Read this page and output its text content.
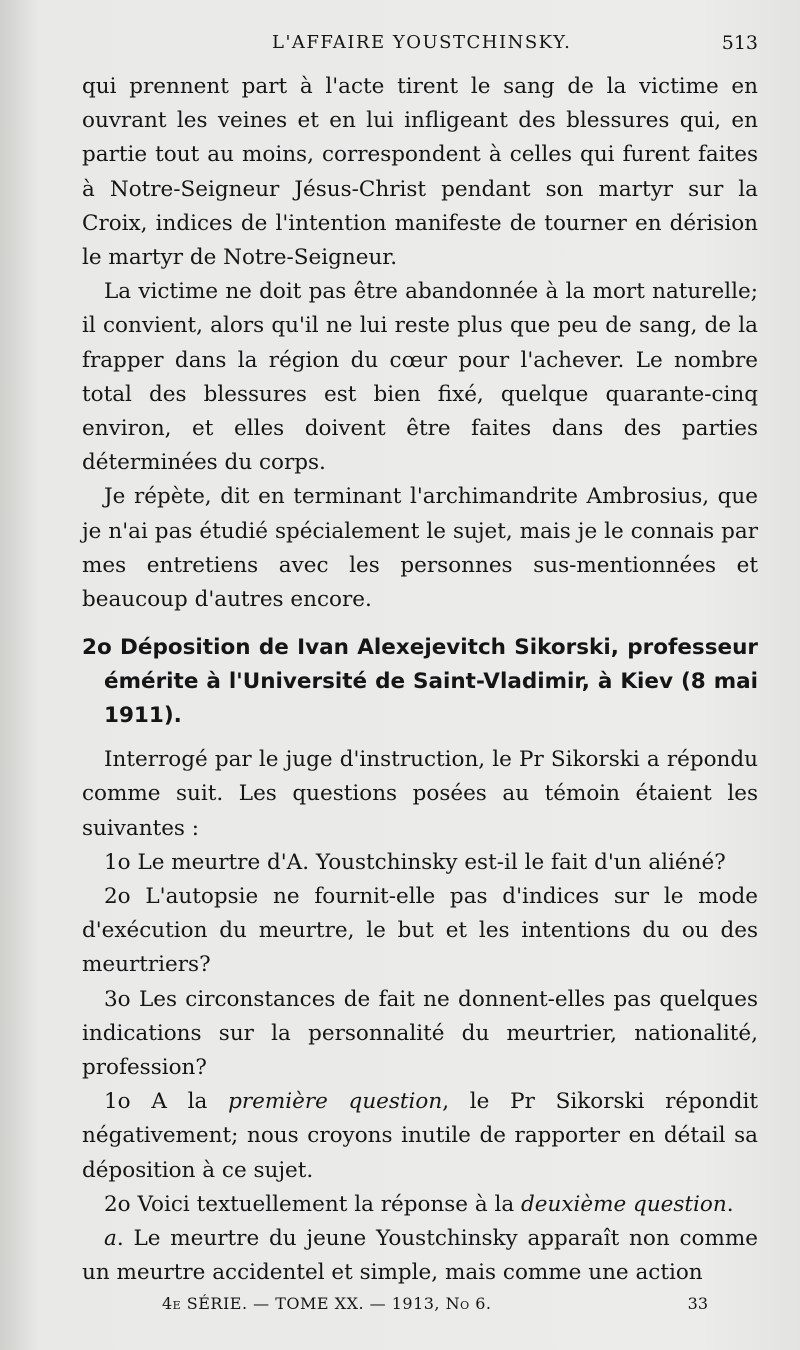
L'AFFAIRE YOUSTCHINSKY.	513

qui prennent part à l'acte tirent le sang de la victime en ouvrant les veines et en lui infligeant des blessures qui, en partie tout au moins, correspondent à celles qui furent faites à Notre-Seigneur Jésus-Christ pendant son martyr sur la Croix, indices de l'intention manifeste de tourner en dérision le martyr de Notre-Seigneur.

La victime ne doit pas être abandonnée à la mort naturelle; il convient, alors qu'il ne lui reste plus que peu de sang, de la frapper dans la région du cœur pour l'achever. Le nombre total des blessures est bien fixé, quelque quarante-cinq environ, et elles doivent être faites dans des parties déterminées du corps.

Je répète, dit en terminant l'archimandrite Ambrosius, que je n'ai pas étudié spécialement le sujet, mais je le connais par mes entretiens avec les personnes sus-mentionnées et beaucoup d'autres encore.

2o Déposition de Ivan Alexejevitch Sikorski, professeur émérite à l'Université de Saint-Vladimir, à Kiev (8 mai 1911).

Interrogé par le juge d'instruction, le Pr Sikorski a répondu comme suit. Les questions posées au témoin étaient les suivantes :

1o Le meurtre d'A. Youstchinsky est-il le fait d'un aliéné?

2o L'autopsie ne fournit-elle pas d'indices sur le mode d'exécution du meurtre, le but et les intentions du ou des meurtriers?

3o Les circonstances de fait ne donnent-elles pas quelques indications sur la personnalité du meurtrier, nationalité, profession?

1o A la première question, le Pr Sikorski répondit négativement; nous croyons inutile de rapporter en détail sa déposition à ce sujet.

2o Voici textuellement la réponse à la deuxième question.

a. Le meurtre du jeune Youstchinsky apparaît non comme un meurtre accidentel et simple, mais comme une action

4e SÉRIE. — TOME XX. — 1913, No 6.	33
